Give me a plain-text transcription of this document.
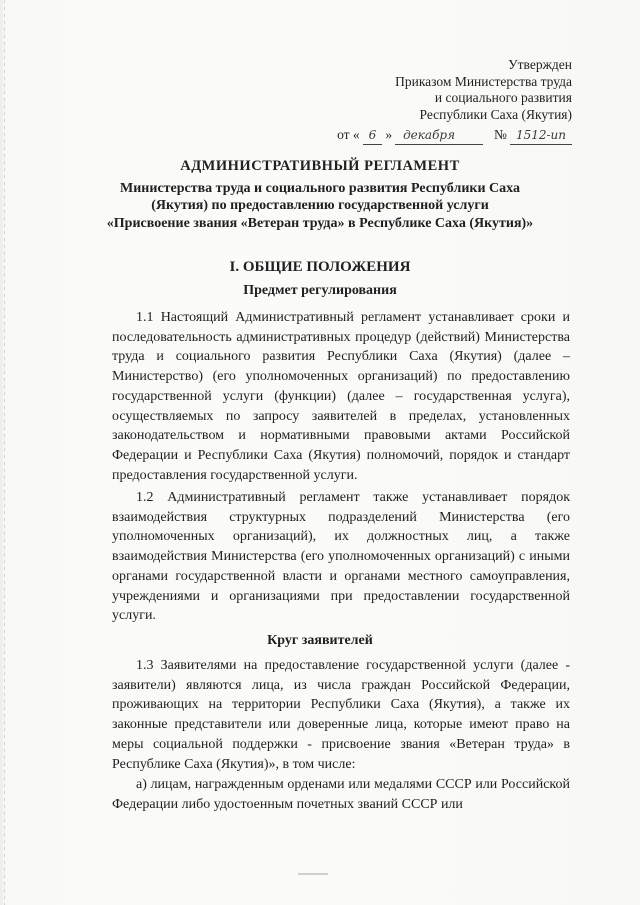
Утвержден
Приказом Министерства труда
и социального развития
Республики Саха (Якутия)
от « 6 » декабря	№ 1512-ип
АДМИНИСТРАТИВНЫЙ РЕГЛАМЕНТ
Министерства труда и социального развития Республики Саха
(Якутия) по предоставлению государственной услуги
«Присвоение звания «Ветеран труда» в Республике Саха (Якутия)»
I. ОБЩИЕ ПОЛОЖЕНИЯ
Предмет регулирования

1.1 Настоящий Административный регламент устанавливает сроки и последовательность административных процедур (действий) Министерства труда и социального развития Республики Саха (Якутия) (далее – Министерство) (его уполномоченных организаций) по предоставлению государственной услуги (функции) (далее – государственная услуга), осуществляемых по запросу заявителей в пределах, установленных законодательством и нормативными правовыми актами Российской Федерации и Республики Саха (Якутия) полномочий, порядок и стандарт предоставления государственной услуги.

1.2 Административный регламент также устанавливает порядок взаимодействия структурных подразделений Министерства (его уполномоченных организаций), их должностных лиц, а также взаимодействия Министерства (его уполномоченных организаций) с иными органами государственной власти и органами местного самоуправления, учреждениями и организациями при предоставлении государственной услуги.

Круг заявителей

1.3 Заявителями на предоставление государственной услуги (далее - заявители) являются лица, из числа граждан Российской Федерации, проживающих на территории Республики Саха (Якутия), а также их законные представители или доверенные лица, которые имеют право на меры социальной поддержки - присвоение звания «Ветеран труда» в Республике Саха (Якутия)», в том числе:

а) лицам, награжденным орденами или медалями СССР или Российской Федерации либо удостоенным почетных званий СССР или
